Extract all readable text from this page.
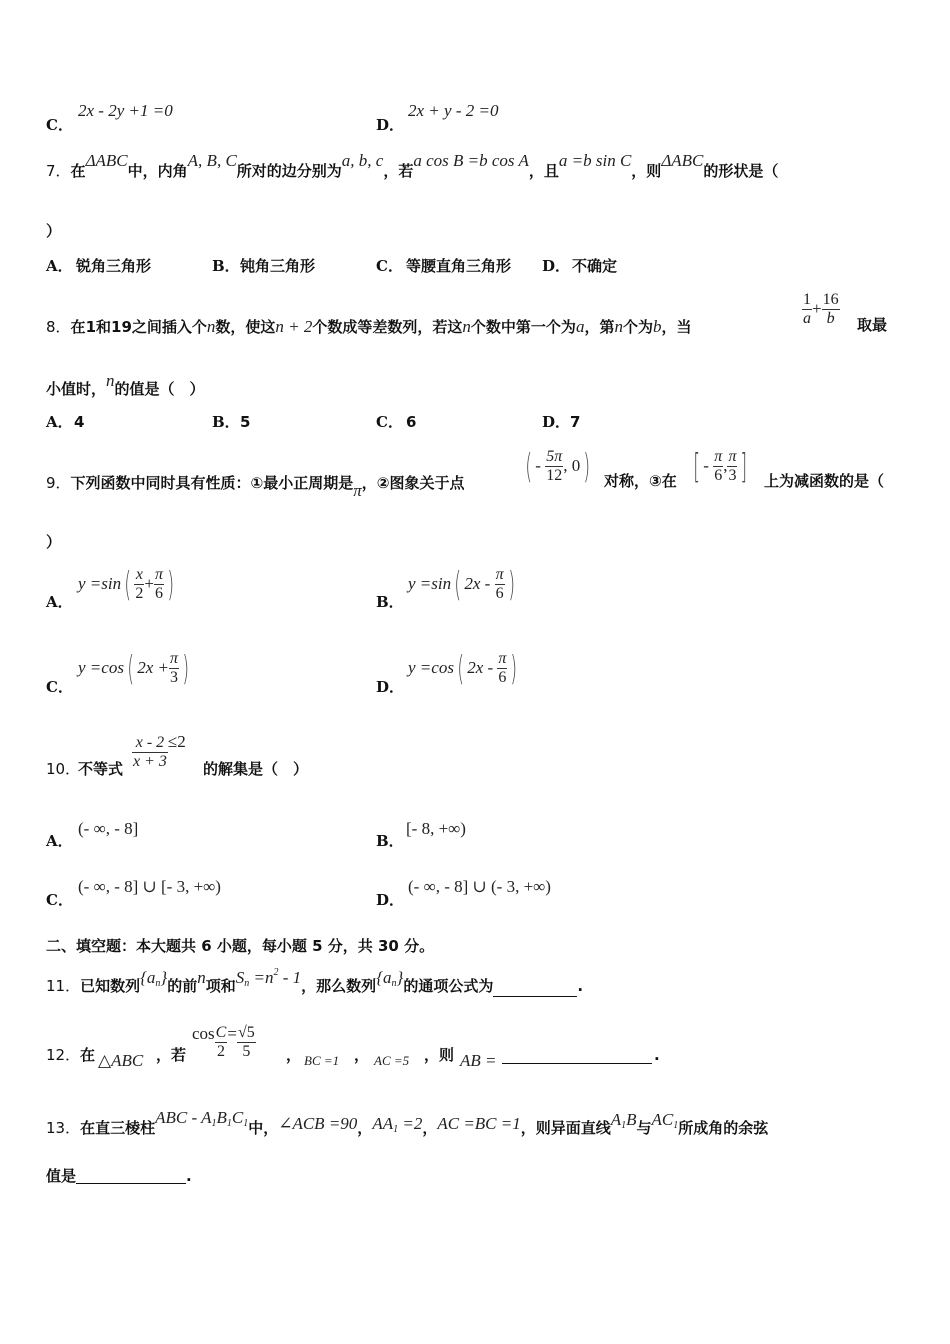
C．
2x - 2y +1 =0
D．
2x + y - 2 =0
7．在ΔABC中，内角A, B, C所对的边分别为a, b, c，若a cos B =b cos A，且a =b sin C，则ΔABC的形状是（
）
A． 锐角三角形	B． 钝角三角形	C． 等腰直角三角形 D． 不确定
8．在1和19之间插入个n数，使这n + 2个数成等差数列，若这n个数中第一个为a，第n个为b，当	$\frac{1}{a} + \frac{16}{b}$ 取最
小值时，n的值是（　）
A． 4	B． 5	C． 6	D． 7
9．下列函数中同时具有性质：①最小正周期是π，②图象关于点 ( - $\frac{5\pi}{12}$ , 0) 对称，③在 [ - $\frac{\pi}{6}$ , $\frac{\pi}{3}$ ] 上为减函数的是（
）
A．
$y =\sin( \frac{x}{2} + \frac{\pi}{6}$ )	B．
y =sin( $2x - \frac{\pi}{6}$ )
C．
y =cos( $2x + \frac{\pi}{3}$ )	D．
y =cos( $2x - \frac{\pi}{6}$ )
10．
不等式 $\frac{x - 2}{x + 3} \le 2$
的解集是（　）
A．
(- ∞, - 8]
B．
[- 8, +∞)
C．
(- ∞, - 8] ∪ [- 3, +∞)
D．
(- ∞, - 8] ∪ (- 3, +∞)
二、填空题：本大题共 6 小题，每小题 5 分，共 30 分。
11．已知数列$\{a_n\}$的前n项和$S_n =n^2 - 1$，那么数列$\{a_n\}$的通项公式为	.
12． 在 △ABC ，若
$\cos \frac{C}{2} = \frac{√5}{5}$ ， BC =1 ， AC =5 ，则 AB =	.
13．在直三棱柱ABC - $A_1B_1C_1$中，∠ACB =90，$AA_1 =2$，AC =BC =1，则异面直线$A_1B$与$AC_1$所成角的余弦
值是	.
